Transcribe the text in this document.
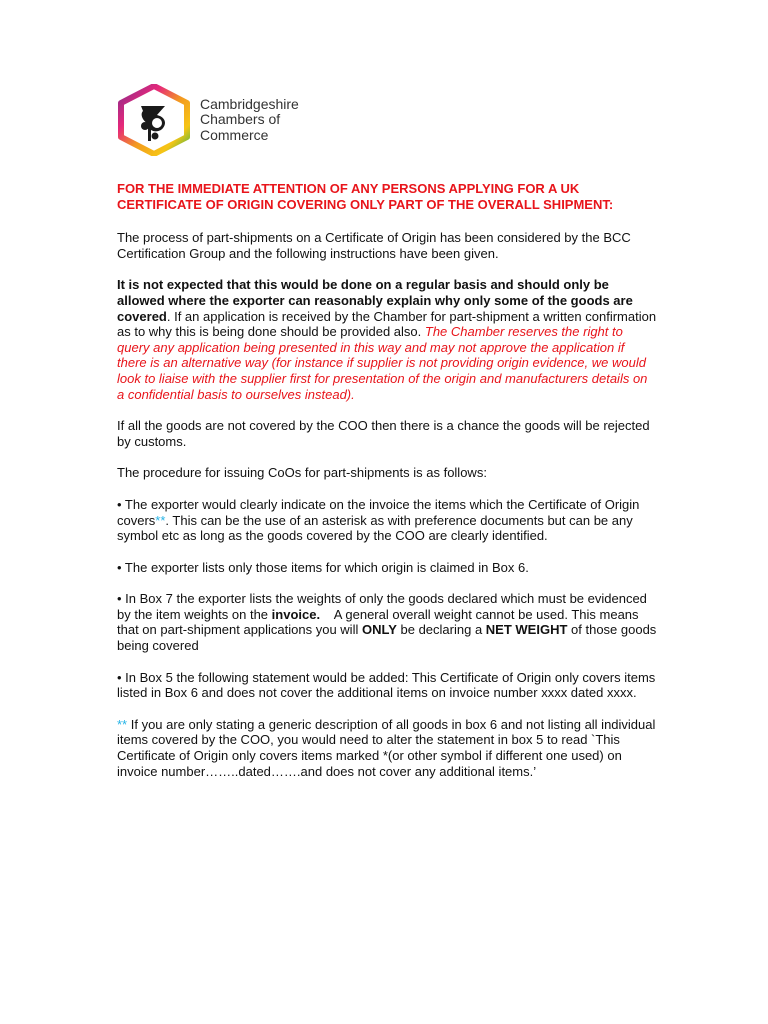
Cambridgeshire
Chambers of
Commerce
FOR THE IMMEDIATE ATTENTION OF ANY PERSONS APPLYING FOR A UK
CERTIFICATE OF ORIGIN COVERING ONLY PART OF THE OVERALL SHIPMENT:

The process of part-shipments on a Certificate of Origin has been considered by the BCC Certification Group and the following instructions have been given.

It is not expected that this would be done on a regular basis and should only be allowed where the exporter can reasonably explain why only some of the goods are covered. If an application is received by the Chamber for part-shipment a written confirmation as to why this is being done should be provided also. The Chamber reserves the right to query any application being presented in this way and may not approve the application if there is an alternative way (for instance if supplier is not providing origin evidence, we would look to liaise with the supplier first for presentation of the origin and manufacturers details on a confidential basis to ourselves instead).

If all the goods are not covered by the COO then there is a chance the goods will be rejected by customs.

The procedure for issuing CoOs for part-shipments is as follows:

• The exporter would clearly indicate on the invoice the items which the Certificate of Origin covers**. This can be the use of an asterisk as with preference documents but can be any symbol etc as long as the goods covered by the COO are clearly identified.

• The exporter lists only those items for which origin is claimed in Box 6.

• In Box 7 the exporter lists the weights of only the goods declared which must be evidenced by the item weights on the invoice.    A general overall weight cannot be used. This means that on part-shipment applications you will ONLY be declaring a NET WEIGHT of those goods being covered

• In Box 5 the following statement would be added: This Certificate of Origin only covers items listed in Box 6 and does not cover the additional items on invoice number xxxx dated xxxx.

** If you are only stating a generic description of all goods in box 6 and not listing all individual items covered by the COO, you would need to alter the statement in box 5 to read `This Certificate of Origin only covers items marked *(or other symbol if different one used) on invoice number……..dated…….and does not cover any additional items.’
